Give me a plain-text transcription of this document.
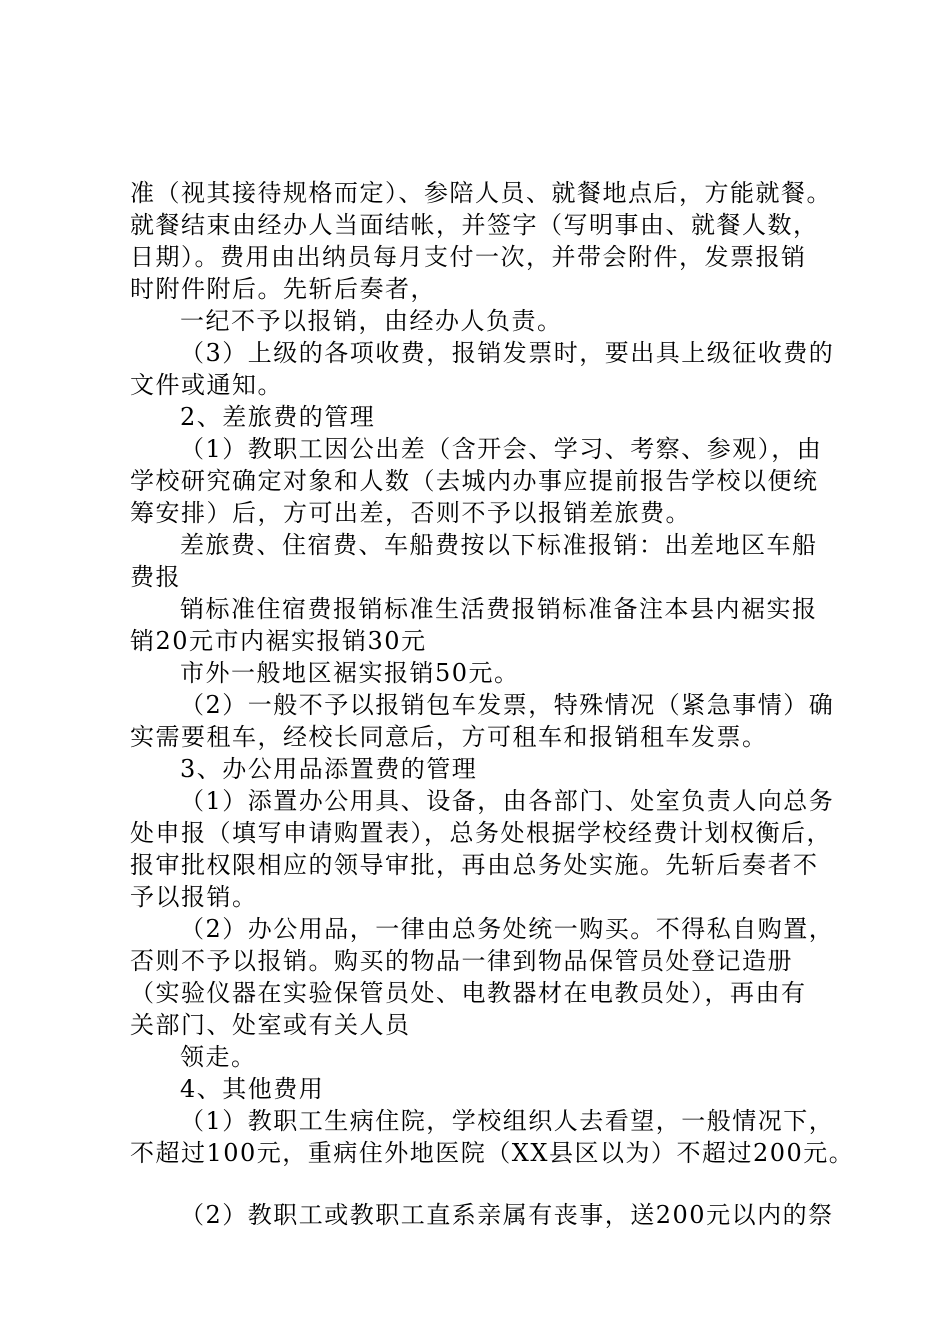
准（视其接待规格而定）、参陪人员、就餐地点后，方能就餐。
就餐结束由经办人当面结帐，并签字（写明事由、就餐人数，
日期）。费用由出纳员每月支付一次，并带会附件，发票报销
时附件附后。先斩后奏者，
一纪不予以报销，由经办人负责。
（3）上级的各项收费，报销发票时，要出具上级征收费的
文件或通知。
2、差旅费的管理
（1）教职工因公出差（含开会、学习、考察、参观），由
学校研究确定对象和人数（去城内办事应提前报告学校以便统
筹安排）后，方可出差，否则不予以报销差旅费。
差旅费、住宿费、车船费按以下标准报销：出差地区车船
费报
销标准住宿费报销标准生活费报销标准备注本县内裾实报
销20元市内裾实报销30元
市外一般地区裾实报销50元。
（2）一般不予以报销包车发票，特殊情况（紧急事情）确
实需要租车，经校长同意后，方可租车和报销租车发票。
3、办公用品添置费的管理
（1）添置办公用具、设备，由各部门、处室负责人向总务
处申报（填写申请购置表），总务处根据学校经费计划权衡后，
报审批权限相应的领导审批，再由总务处实施。先斩后奏者不
予以报销。
（2）办公用品，一律由总务处统一购买。不得私自购置，
否则不予以报销。购买的物品一律到物品保管员处登记造册
（实验仪器在实验保管员处、电教器材在电教员处），再由有
关部门、处室或有关人员
领走。
4、其他费用
（1）教职工生病住院，学校组织人去看望，一般情况下，
不超过100元，重病住外地医院（XX县区以为）不超过200元。
（2）教职工或教职工直系亲属有丧事，送200元以内的祭
